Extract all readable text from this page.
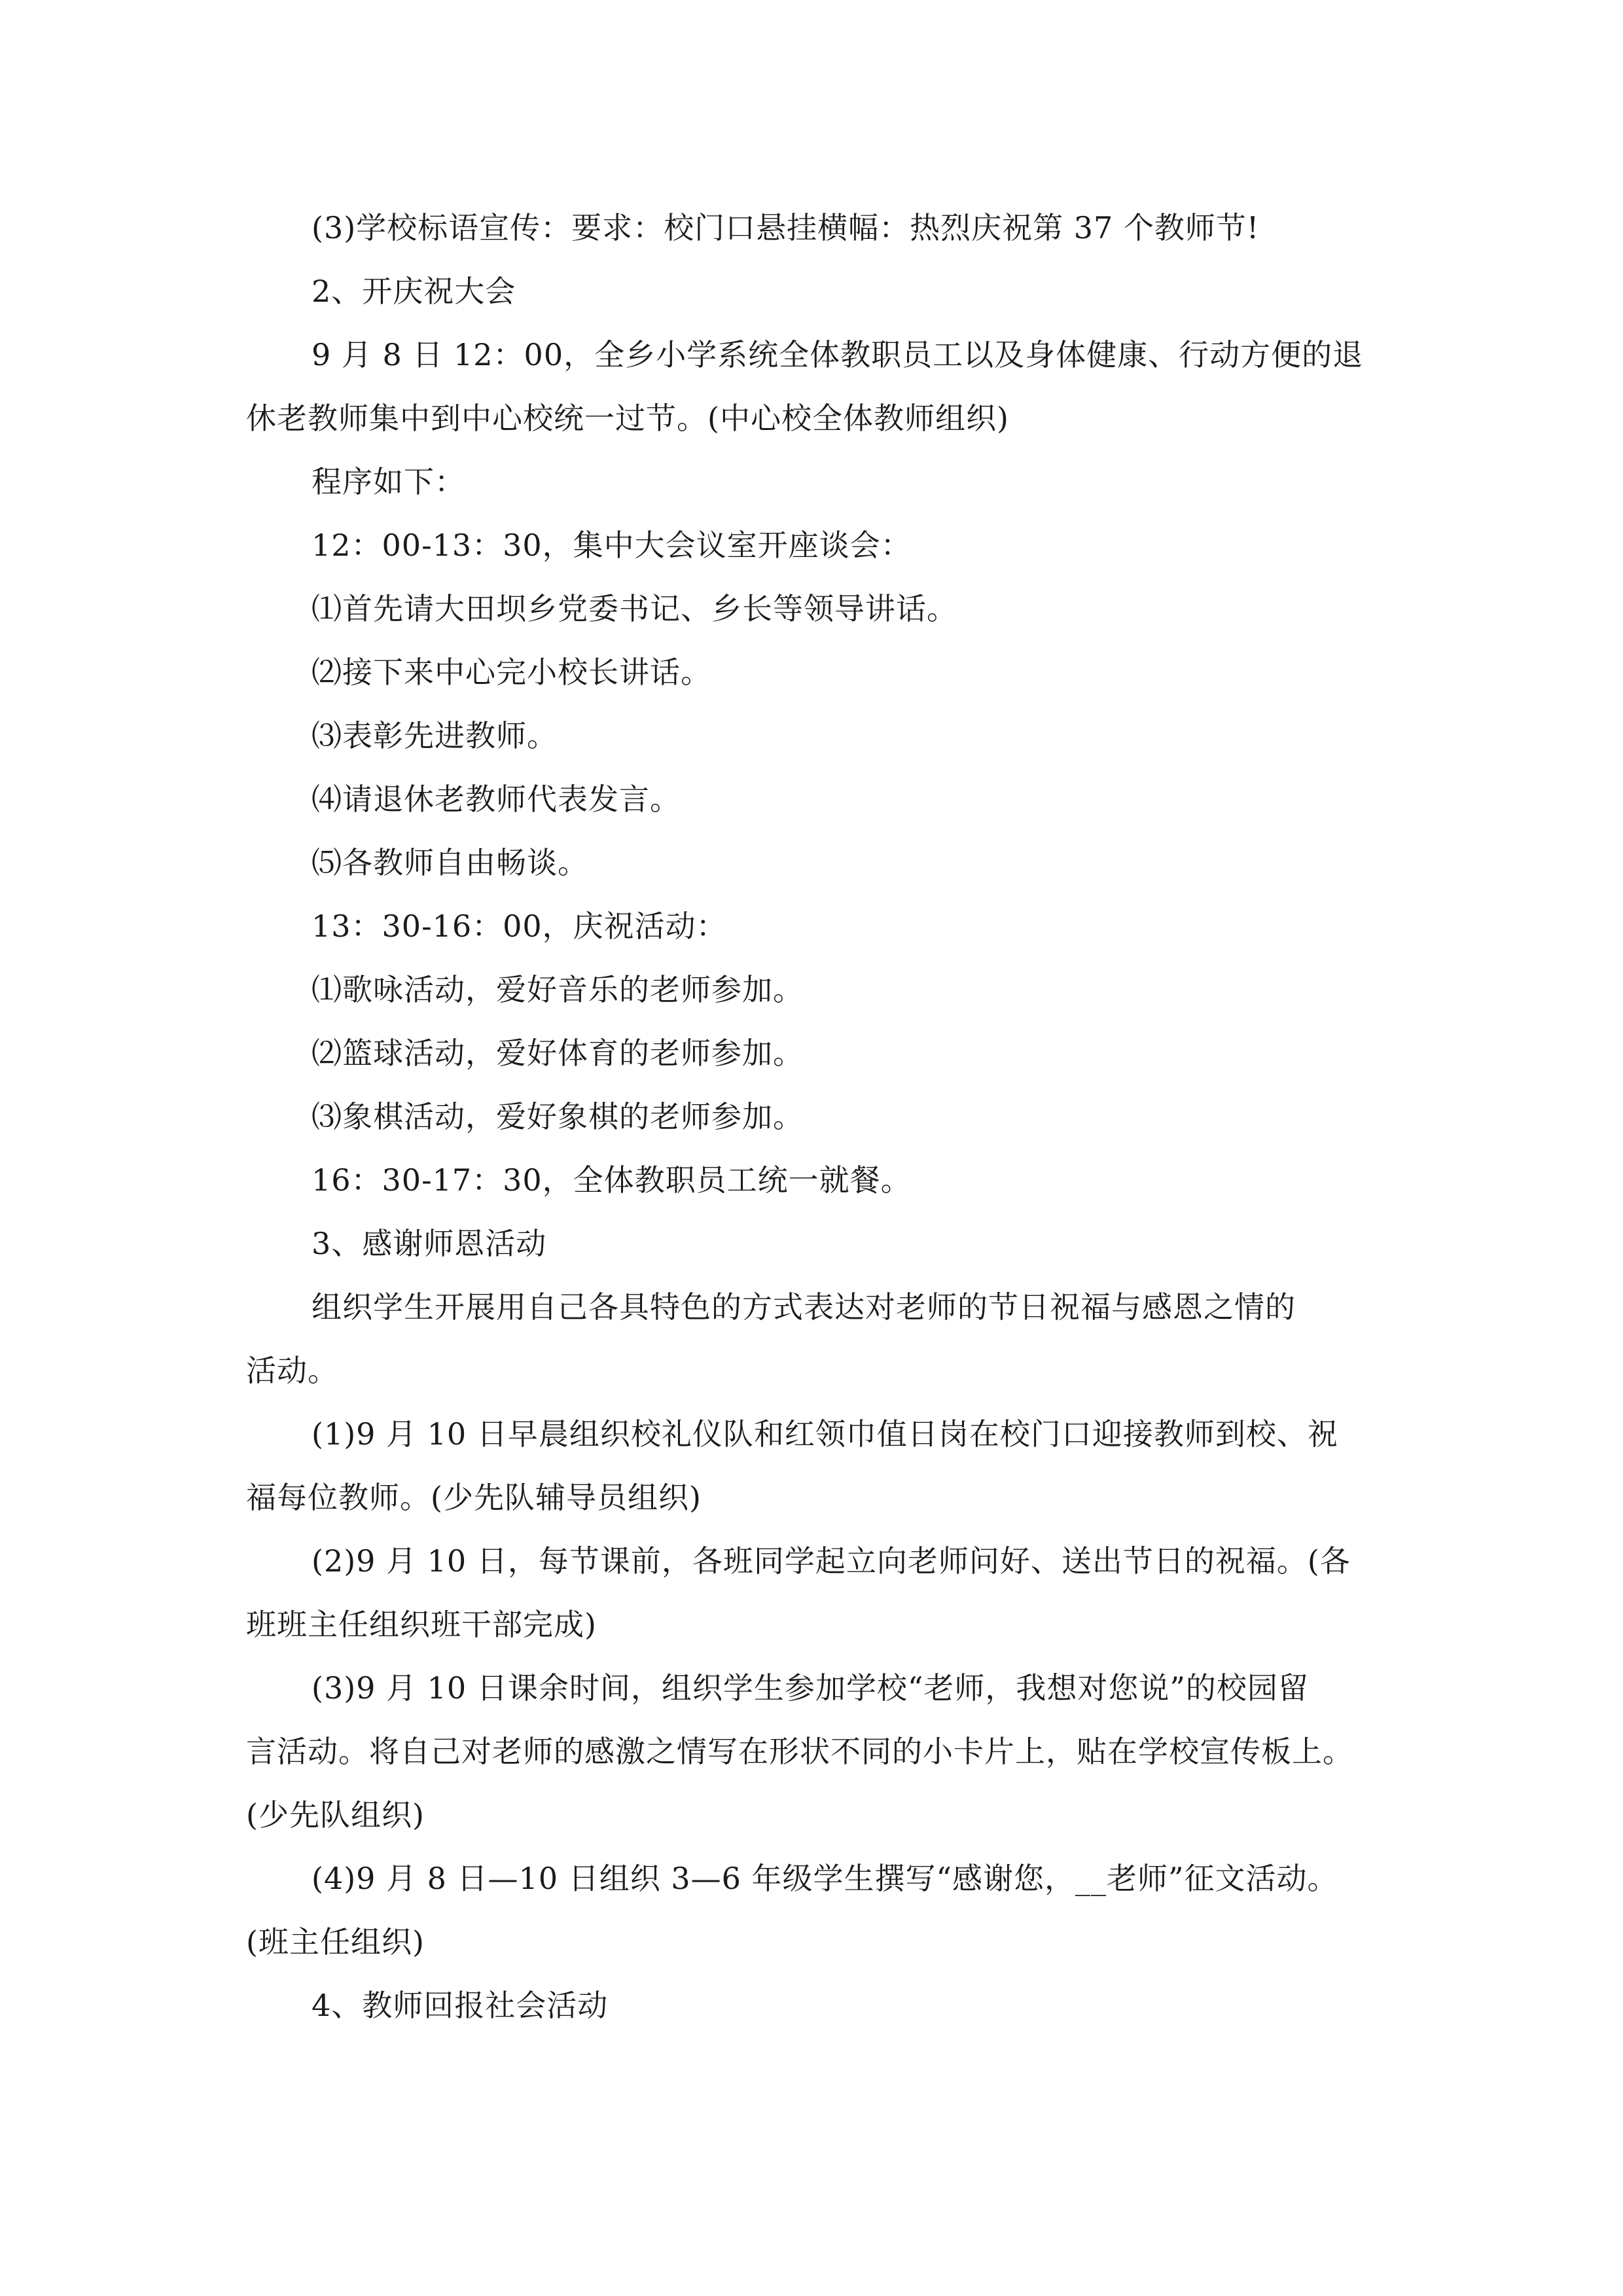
(3)学校标语宣传：要求：校门口悬挂横幅：热烈庆祝第 37 个教师节!
2、开庆祝大会
9 月 8 日 12：00，全乡小学系统全体教职员工以及身体健康、行动方便的退
休老教师集中到中心校统一过节。(中心校全体教师组织)
程序如下：
12：00-13：30，集中大会议室开座谈会：
⑴首先请大田坝乡党委书记、乡长等领导讲话。
⑵接下来中心完小校长讲话。
⑶表彰先进教师。
⑷请退休老教师代表发言。
⑸各教师自由畅谈。
13：30-16：00，庆祝活动：
⑴歌咏活动，爱好音乐的老师参加。
⑵篮球活动，爱好体育的老师参加。
⑶象棋活动，爱好象棋的老师参加。
16：30-17：30，全体教职员工统一就餐。
3、感谢师恩活动
组织学生开展用自己各具特色的方式表达对老师的节日祝福与感恩之情的
活动。
(1)9 月 10 日早晨组织校礼仪队和红领巾值日岗在校门口迎接教师到校、祝
福每位教师。(少先队辅导员组织)
(2)9 月 10 日，每节课前，各班同学起立向老师问好、送出节日的祝福。(各
班班主任组织班干部完成)
(3)9 月 10 日课余时间，组织学生参加学校“老师，我想对您说”的校园留
言活动。将自己对老师的感激之情写在形状不同的小卡片上，贴在学校宣传板上。
(少先队组织)
(4)9 月 8 日—10 日组织 3—6 年级学生撰写“感谢您，__老师”征文活动。
(班主任组织)
4、教师回报社会活动
